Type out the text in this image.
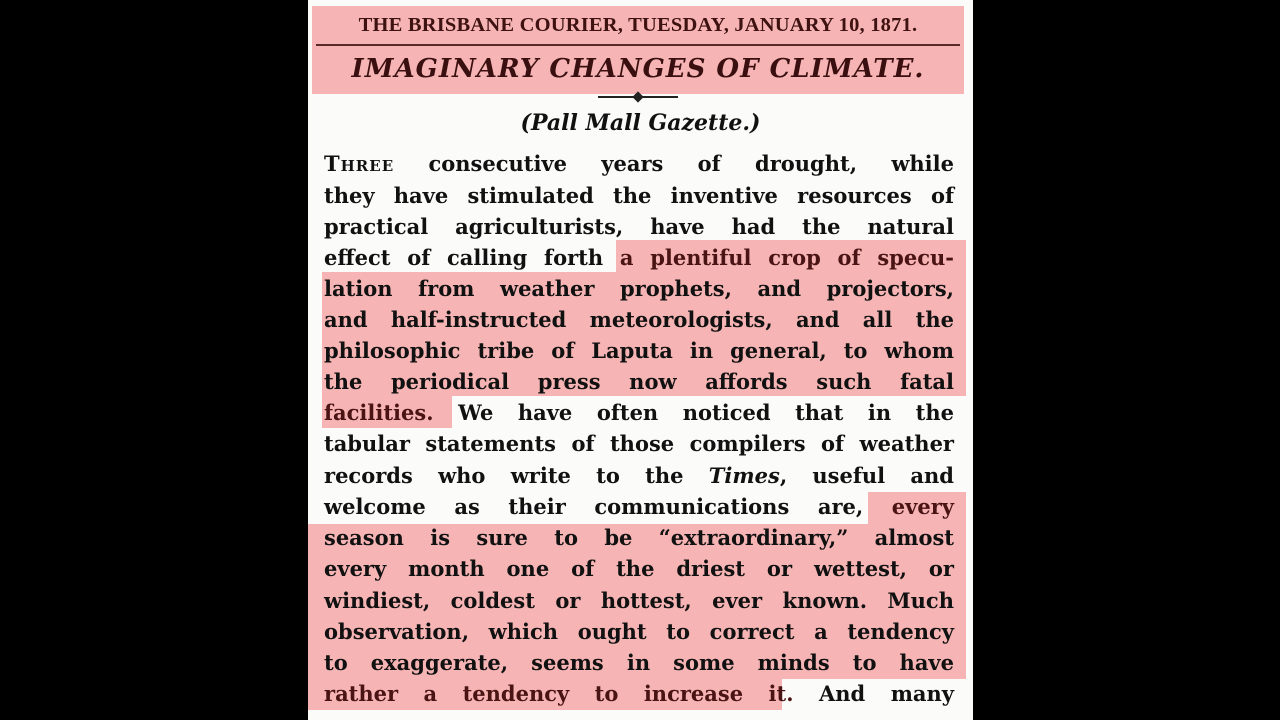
THE BRISBANE COURIER, TUESDAY, JANUARY 10, 1871.
IMAGINARY CHANGES OF CLIMATE.
(Pall Mall Gazette.)
Three consecutive years of drought, while
they have stimulated the inventive resources of
practical agriculturists, have had the natural
effect of calling forth a plentiful crop of specu-
lation from weather prophets, and projectors,
and half-instructed meteorologists, and all the
philosophic tribe of Laputa in general, to whom
the periodical press now affords such fatal
facilities. We have often noticed that in the
tabular statements of those compilers of weather
records who write to the Times, useful and
welcome as their communications are, every
season is sure to be “extraordinary,” almost
every month one of the driest or wettest, or
windiest, coldest or hottest, ever known. Much
observation, which ought to correct a tendency
to exaggerate, seems in some minds to have
rather a tendency to increase it. And many
